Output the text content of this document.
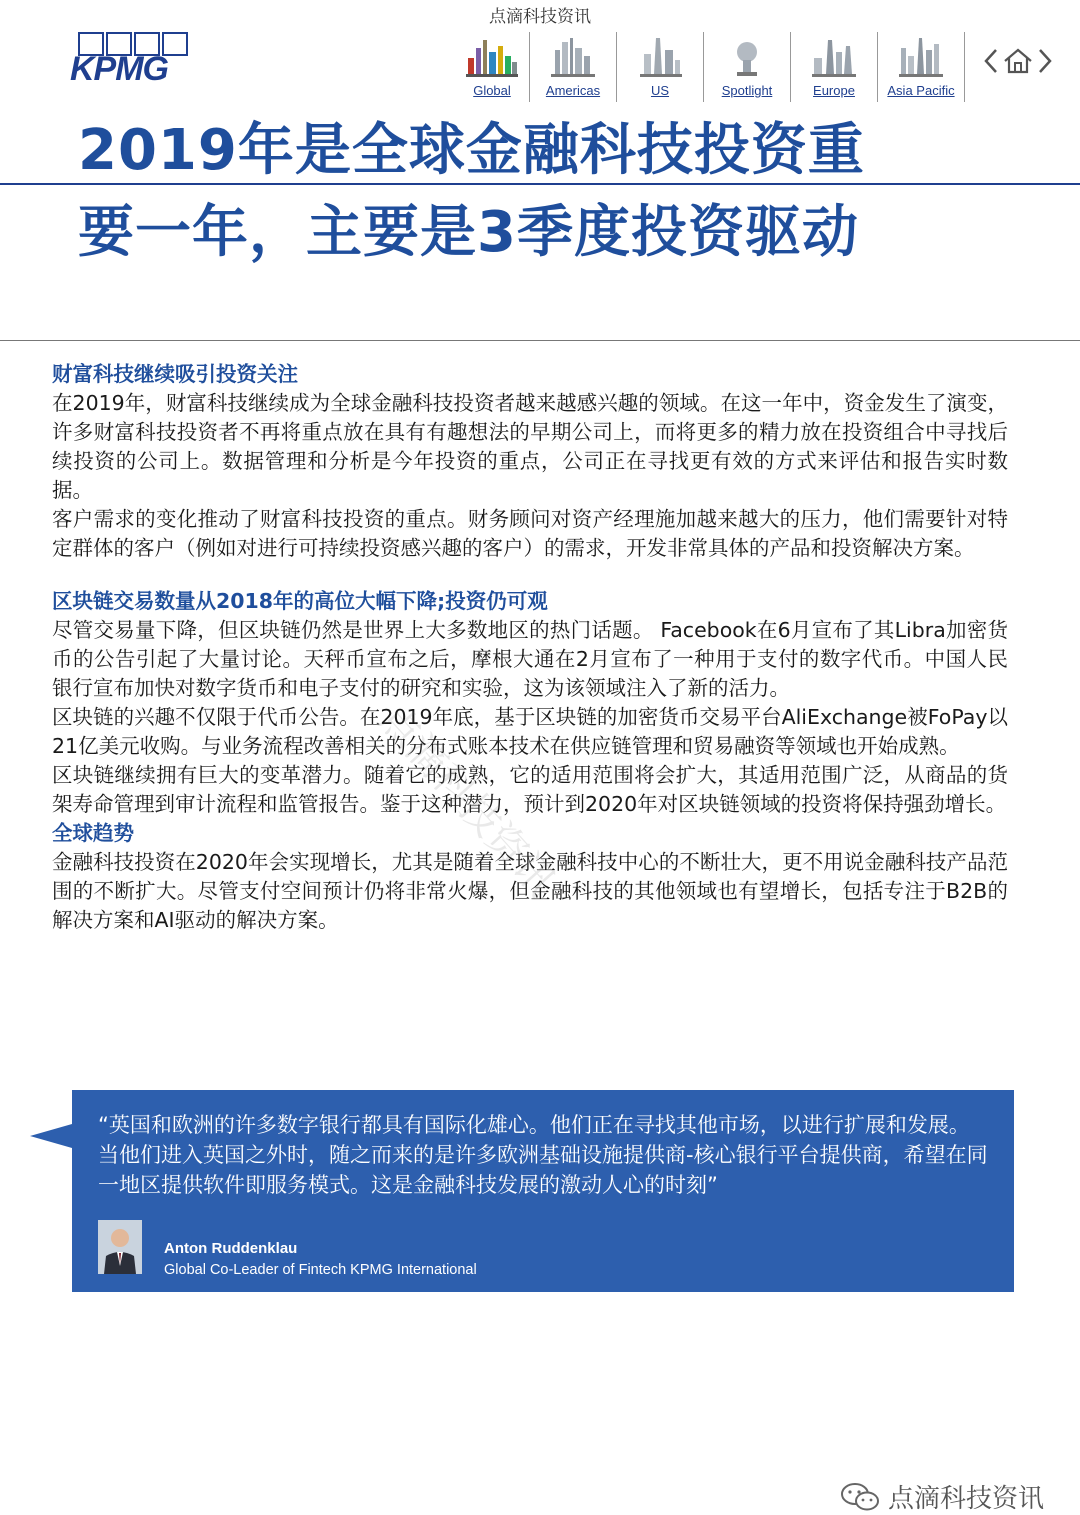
点滴科技资讯
KPMG
Global	Americas	US	Spotlight	Europe	Asia Pacific
2019年是全球金融科技投资重
要一年，主要是3季度投资驱动
财富科技继续吸引投资关注

在2019年，财富科技继续成为全球金融科技投资者越来越感兴趣的领域。在这一年中，资金发生了演变，许多财富科技投资者不再将重点放在具有有趣想法的早期公司上，而将更多的精力放在投资组合中寻找后续投资的公司上。数据管理和分析是今年投资的重点，公司正在寻找更有效的方式来评估和报告实时数据。

客户需求的变化推动了财富科技投资的重点。财务顾问对资产经理施加越来越大的压力，他们需要针对特定群体的客户（例如对进行可持续投资感兴趣的客户）的需求，开发非常具体的产品和投资解决方案。

区块链交易数量从2018年的高位大幅下降;投资仍可观

尽管交易量下降，但区块链仍然是世界上大多数地区的热门话题。 Facebook在6月宣布了其Libra加密货币的公告引起了大量讨论。天秤币宣布之后，摩根大通在2月宣布了一种用于支付的数字代币。中国人民银行宣布加快对数字货币和电子支付的研究和实验，这为该领域注入了新的活力。

区块链的兴趣不仅限于代币公告。在2019年底，基于区块链的加密货币交易平台AliExchange被FoPay以21亿美元收购。与业务流程改善相关的分布式账本技术在供应链管理和贸易融资等领域也开始成熟。

区块链继续拥有巨大的变革潜力。随着它的成熟，它的适用范围将会扩大，其适用范围广泛，从商品的货架寿命管理到审计流程和监管报告。鉴于这种潜力，预计到2020年对区块链领域的投资将保持强劲增长。

全球趋势

金融科技投资在2020年会实现增长，尤其是随着全球金融科技中心的不断壮大，更不用说金融科技产品范围的不断扩大。尽管支付空间预计仍将非常火爆，但金融科技的其他领域也有望增长，包括专注于B2B的解决方案和AI驱动的解决方案。

点滴科技资讯

“英国和欧洲的许多数字银行都具有国际化雄心。他们正在寻找其他市场，以进行扩展和发展。当他们进入英国之外时，随之而来的是许多欧洲基础设施提供商-核心银行平台提供商，希望在同一地区提供软件即服务模式。这是金融科技发展的激动人心的时刻”

Anton Ruddenklau
Global Co-Leader of Fintech KPMG International
点滴科技资讯
